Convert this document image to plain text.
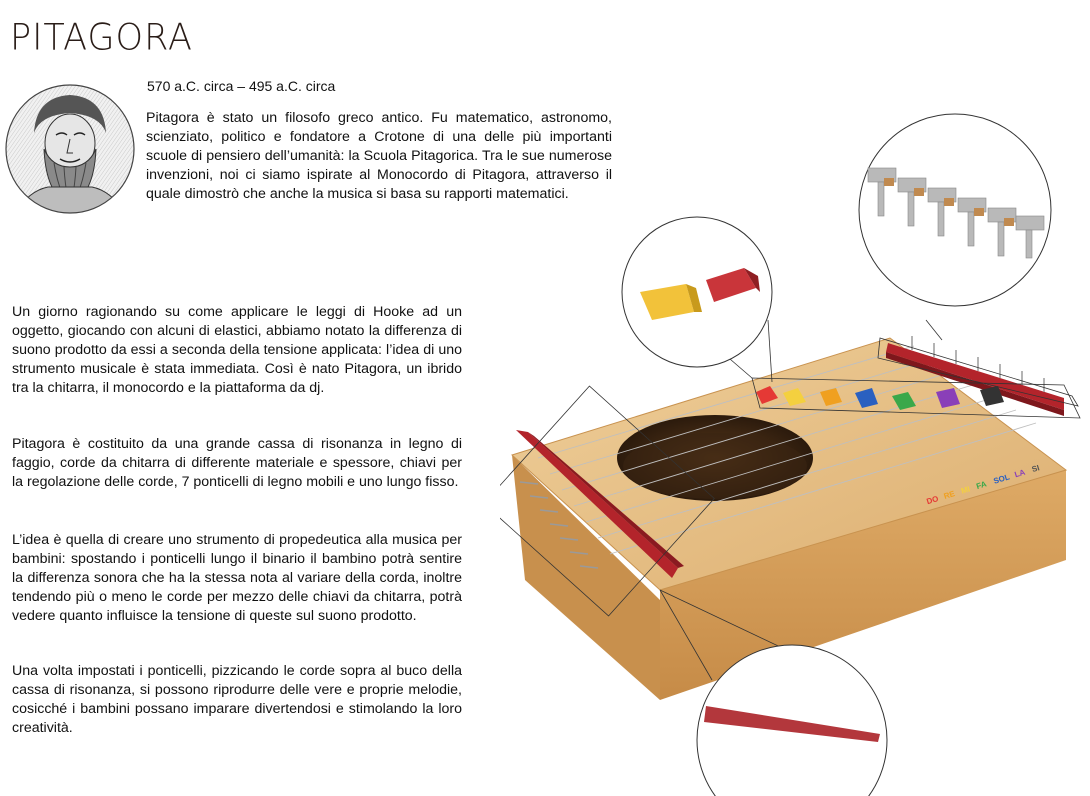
PITAGORA
570 a.C. circa – 495 a.C. circa

Pitagora è stato un filosofo greco antico. Fu matematico, astronomo, scienziato, politico e fondatore a Crotone di una delle più importanti scuole di pensiero dell’umanità: la Scuola Pitagorica. Tra le sue numerose invenzioni, noi ci siamo ispirate al Monocordo di Pitagora, attraverso il quale dimostrò che anche la musica si basa su rapporti matematici.

Un giorno ragionando su come applicare le leggi di Hooke ad un oggetto, giocando con alcuni di elastici, abbiamo notato la differenza di suono prodotto da essi a seconda della tensione applicata: l’idea di uno strumento musicale è stata immediata. Così è nato Pitagora, un ibrido tra la chitarra, il monocordo e la piattaforma da dj.

Pitagora è costituito da una grande cassa di risonanza in legno di faggio, corde da chitarra di differente materiale e spessore, chiavi per la regolazione delle corde, 7 ponticelli di legno mobili e uno lungo fisso.

L’idea è quella di creare uno strumento di propedeutica alla musica per bambini: spostando i ponticelli lungo il binario il bambino potrà sentire la differenza sonora che ha la stessa nota al variare della corda, inoltre tendendo più o meno le corde per mezzo delle chiavi da chitarra, potrà vedere quanto influisce la tensione di queste sul suono prodotto.

Una volta impostati i ponticelli, pizzicando le corde sopra al buco della cassa di risonanza, si possono riprodurre delle vere e proprie melodie, cosicché i bambini possano imparare divertendosi e stimolando la loro creatività.

DO RE MI FA SOL LA SI
